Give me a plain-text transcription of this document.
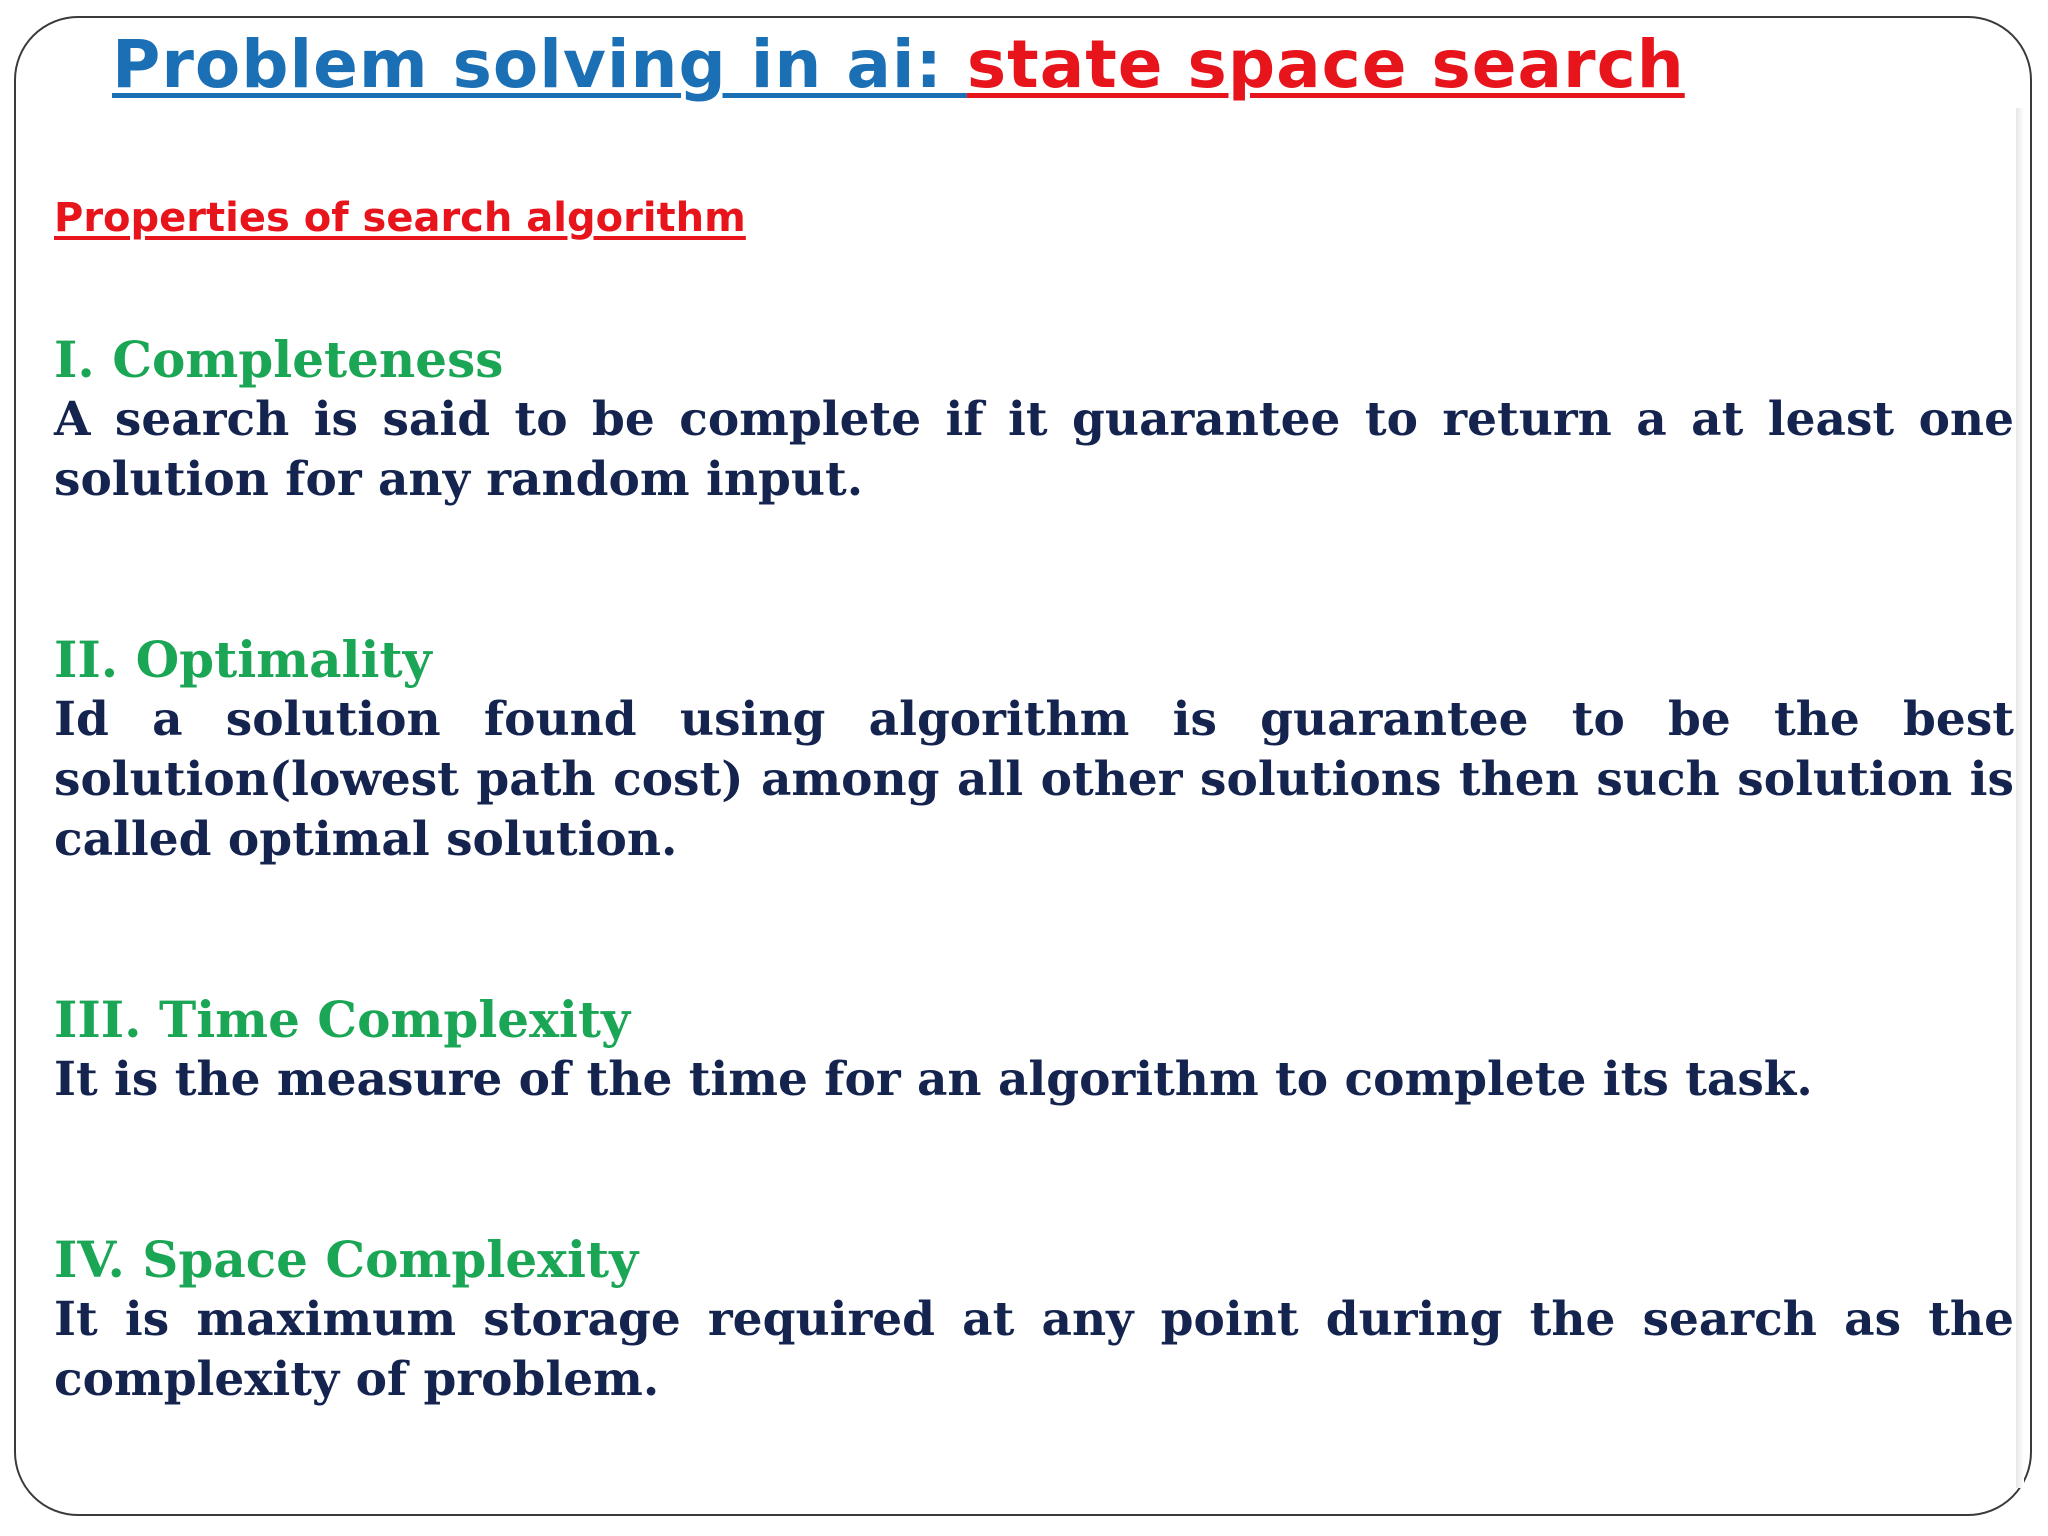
Problem solving in ai: state space search
Properties of search algorithm

I. Completeness

A search is said to be complete if it guarantee to return a at least one solution for any random input.

II. Optimality

Id a solution found using algorithm is guarantee to be the best solution(lowest path cost) among all other solutions then such solution is called optimal solution.

III. Time Complexity

It is the measure of the time for an algorithm to complete its task.

IV. Space Complexity

It is maximum storage required at any point during the search as the complexity of problem.
